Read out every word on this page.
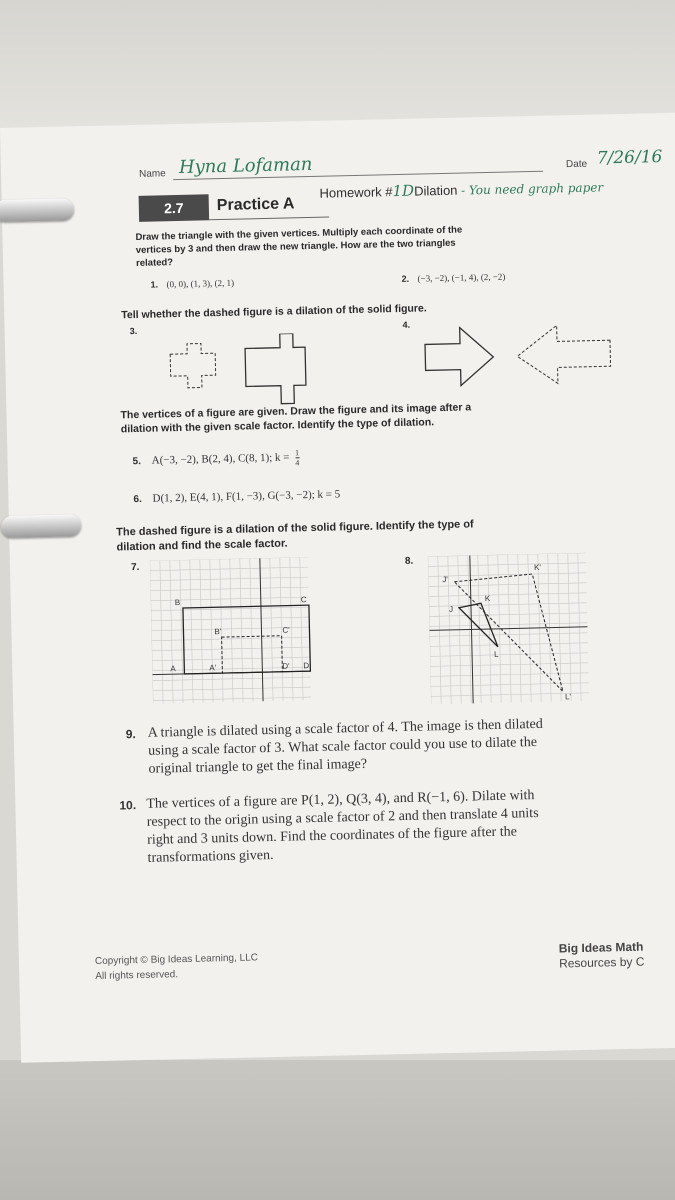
Name Hyna Lofaman	Date 7/26/16
Homework #1DDilation - You need graph paper
2.7	Practice A
Draw the triangle with the given vertices. Multiply each coordinate of the
vertices by 3 and then draw the new triangle. How are the two triangles
related?
1. (0, 0), (1, 3), (2, 1)	2. (−3, −2), (−1, 4), (2, −2)
Tell whether the dashed figure is a dilation of the solid figure.
3.
4.
The vertices of a figure are given. Draw the figure and its image after a
dilation with the given scale factor. Identify the type of dilation.
5. A(−3, −2), B(2, 4), C(8, 1); $k = \frac{1}{4}$
6. D(1, 2), E(4, 1), F(1, −3), G(−3, −2); k = 5
The dashed figure is a dilation of the solid figure. Identify the type of
dilation and find the scale factor.
7.
8.
B	C
A	D
B'	C'
A'	D'
J'
K'
J
K
L
L'
9. A triangle is dilated using a scale factor of 4. The image is then dilated
using a scale factor of 3. What scale factor could you use to dilate the
original triangle to get the final image?
10. The vertices of a figure are P(1, 2), Q(3, 4), and R(−1, 6). Dilate with
respect to the origin using a scale factor of 2 and then translate 4 units
right and 3 units down. Find the coordinates of the figure after the
transformations given.
Copyright © Big Ideas Learning, LLC
All rights reserved.
Big Ideas Math
Resources by C
